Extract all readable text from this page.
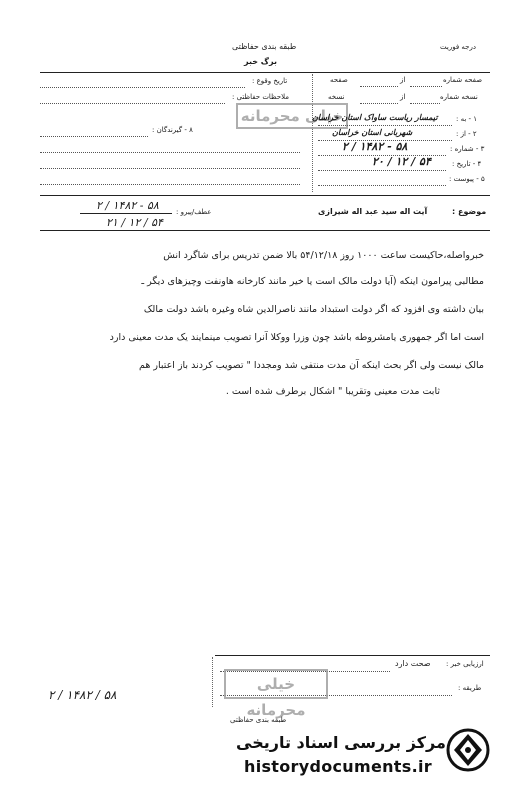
طبقه بندی حفاظتی	درجه فوریت
برگ خبر
صفحه شماره
از
صفحه
نسخه شماره
از
نسخه
تاریخ وقوع :
ملاحظات حفاظتی :
۸ - گیرندگان :
خیلی محرمانه	۱ - به :
تیمسار ریاست ساواک استان خراسان
۲ - از :
شهربانی استان خراسان
۳ - شماره :
۵۸ - ۱۴۸۲ / ۲
۴ - تاریخ :
۵۴ / ۱۲ / ۲۰
۵ - پیوست :
موضوع :
آیت اله سید عبد اله شیرازی
عطف/پیرو :
۵۸ - ۱۴۸۲ / ۲
۵۴ / ۱۲ / ۲۱
خبرواصله،حاکیست ساعت ۱۰۰۰ روز ۵۴/۱۲/۱۸ بالا ضمن تدریس برای شاگرد انش
مطالبی پیرامون اینکه (آیا دولت مالک است یا خیر مانند کارخانه هاونفت وچیزهای دیگر ـ
بیان داشته وی افزود که اگر دولت استبداد مانند ناصرالدین شاه وغیره باشد دولت مالک
است اما اگر جمهوری یامشروطه باشد چون وزرا ووکلا آنرا تصویب مینمایند یک مدت معینی دارد
مالک نیست ولی اگر بحث اینکه آن مدت منتفی شد ومجددا " تصویب کردند باز اعتبار هم
ثابت مدت معینی وتقریبا " اشکال برطرف شده است .
ارزیابی خبر :
صحت دارد
طریقه :
خیلی محرمانه
۵۸ / ۱۴۸۲ / ۲
طبقه بندی حفاظتی
مرکز بررسی اسناد تاریخی
historydocuments.ir
